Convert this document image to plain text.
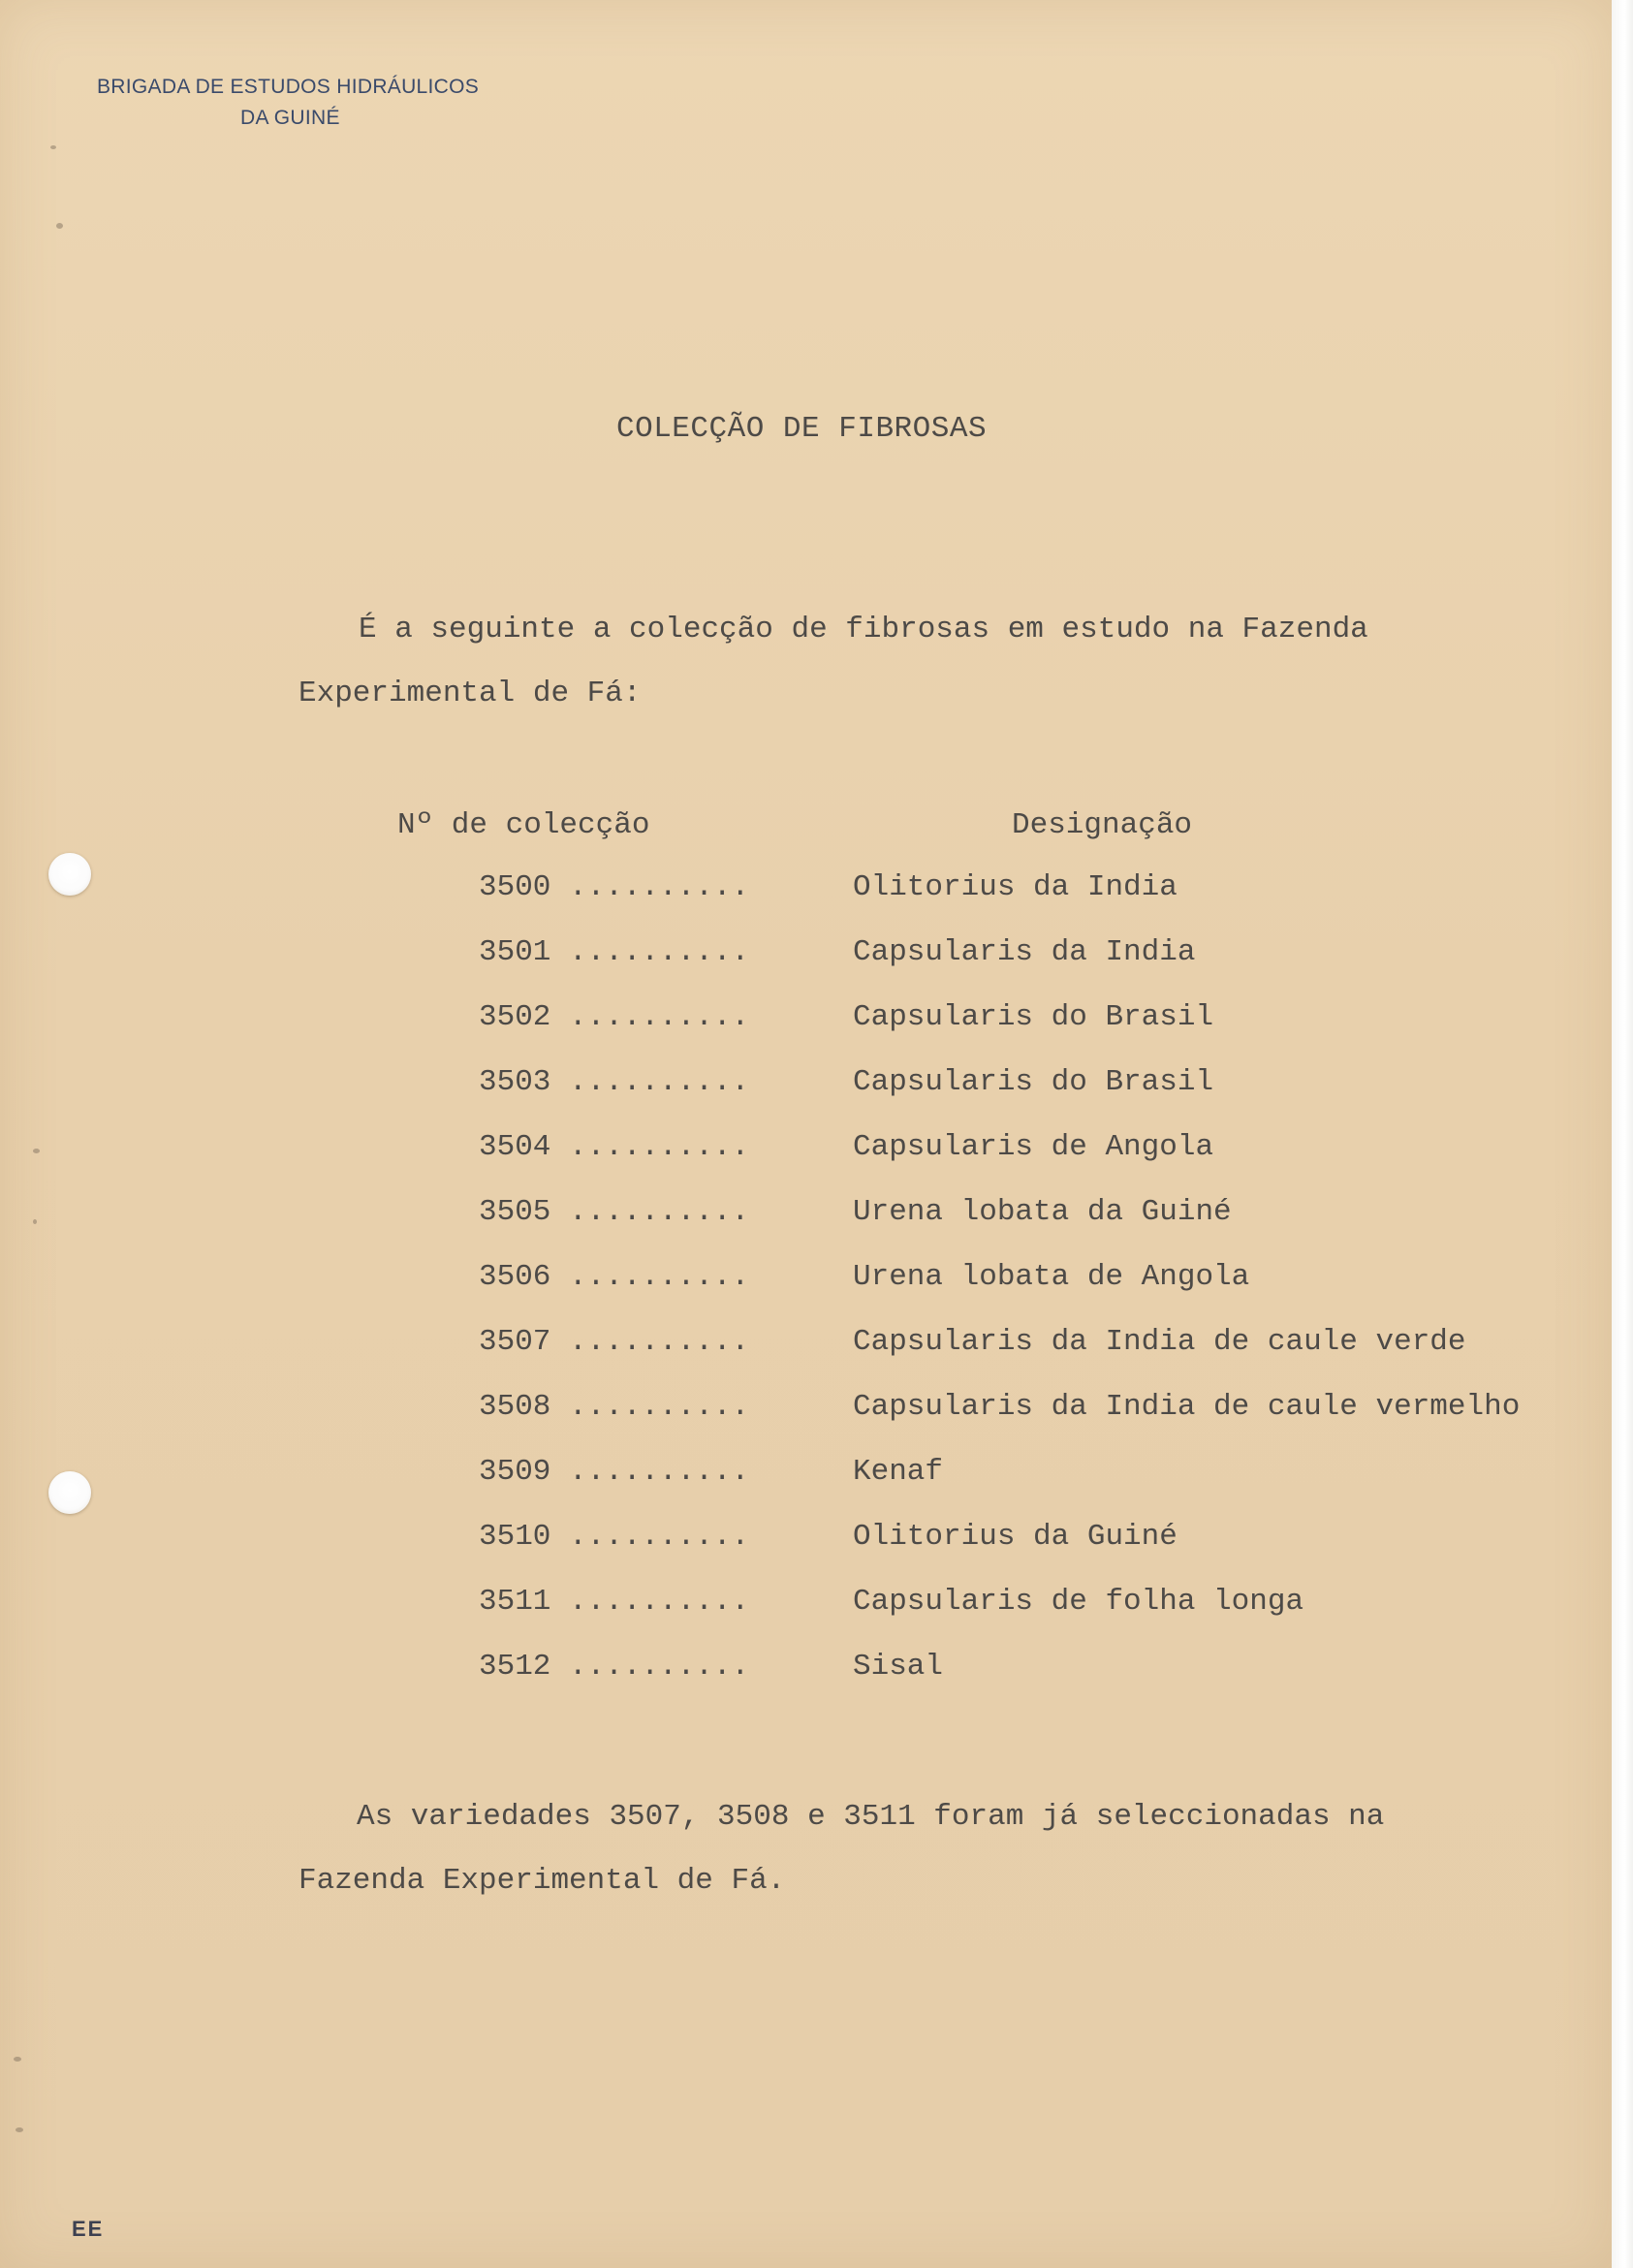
BRIGADA DE ESTUDOS HIDRÁULICOS
DA GUINÉ
COLECÇÃO DE FIBROSAS
É a seguinte a colecção de fibrosas em estudo na Fazenda
Experimental de Fá:
Nº de colecção	Designação
3500 ..........	Olitorius da India
3501 ..........	Capsularis da India
3502 ..........	Capsularis do Brasil
3503 ..........	Capsularis do Brasil
3504 ..........	Capsularis de Angola
3505 ..........	Urena lobata da Guiné
3506 ..........	Urena lobata de Angola
3507 ..........	Capsularis da India de caule verde
3508 ..........	Capsularis da India de caule vermelho
3509 ..........	Kenaf
3510 ..........	Olitorius da Guiné
3511 ..........	Capsularis de folha longa
3512 ..........	Sisal
As variedades 3507, 3508 e 3511 foram já seleccionadas na
Fazenda Experimental de Fá.
EE
